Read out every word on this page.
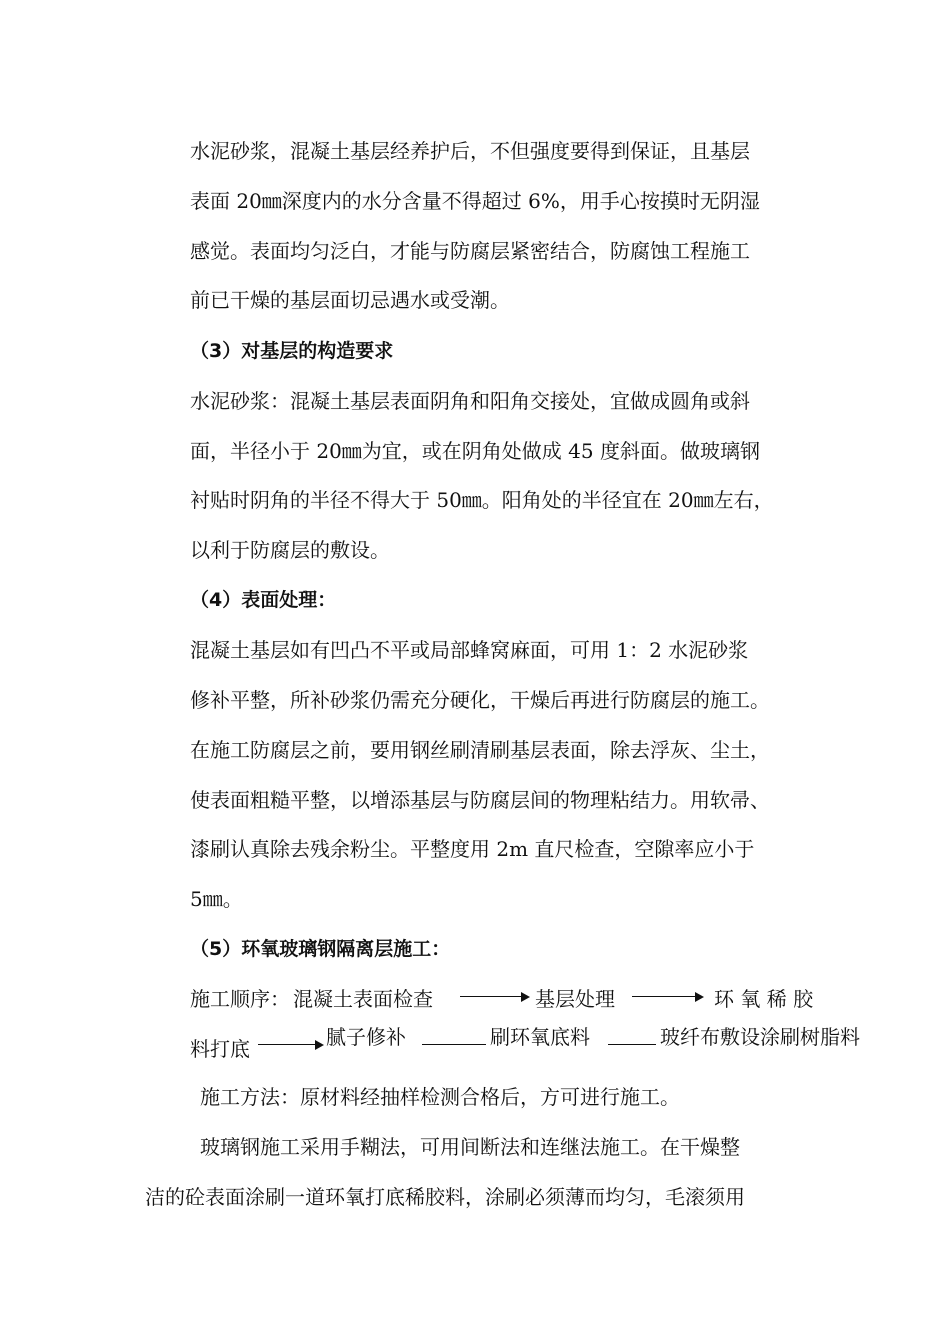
水泥砂浆，混凝土基层经养护后，不但强度要得到保证，且基层
表面 20㎜深度内的水分含量不得超过 6%，用手心按摸时无阴湿
感觉。表面均匀泛白，才能与防腐层紧密结合，防腐蚀工程施工
前已干燥的基层面切忌遇水或受潮。
（3）对基层的构造要求
水泥砂浆：混凝土基层表面阴角和阳角交接处，宜做成圆角或斜
面，半径小于 20㎜为宜，或在阴角处做成 45 度斜面。做玻璃钢
衬贴时阴角的半径不得大于 50㎜。阳角处的半径宜在 20㎜左右，
以利于防腐层的敷设。
（4）表面处理：
混凝土基层如有凹凸不平或局部蜂窝麻面，可用 1：2 水泥砂浆
修补平整，所补砂浆仍需充分硬化，干燥后再进行防腐层的施工。
在施工防腐层之前，要用钢丝刷清刷基层表面，除去浮灰、尘土，
使表面粗糙平整，以增添基层与防腐层间的物理粘结力。用软帚、
漆刷认真除去残余粉尘。平整度用 2m 直尺检查，空隙率应小于
5㎜。
（5）环氧玻璃钢隔离层施工：
施工顺序： 混凝土表面检查	基层处理	环 氧 稀 胶
料打底	腻子修补	刷环氧底料	玻纤布敷设涂刷树脂料
施工方法：原材料经抽样检测合格后，方可进行施工。
玻璃钢施工采用手糊法，可用间断法和连继法施工。在干燥整
洁的砼表面涂刷一道环氧打底稀胶料，涂刷必须薄而均匀，毛滚须用
